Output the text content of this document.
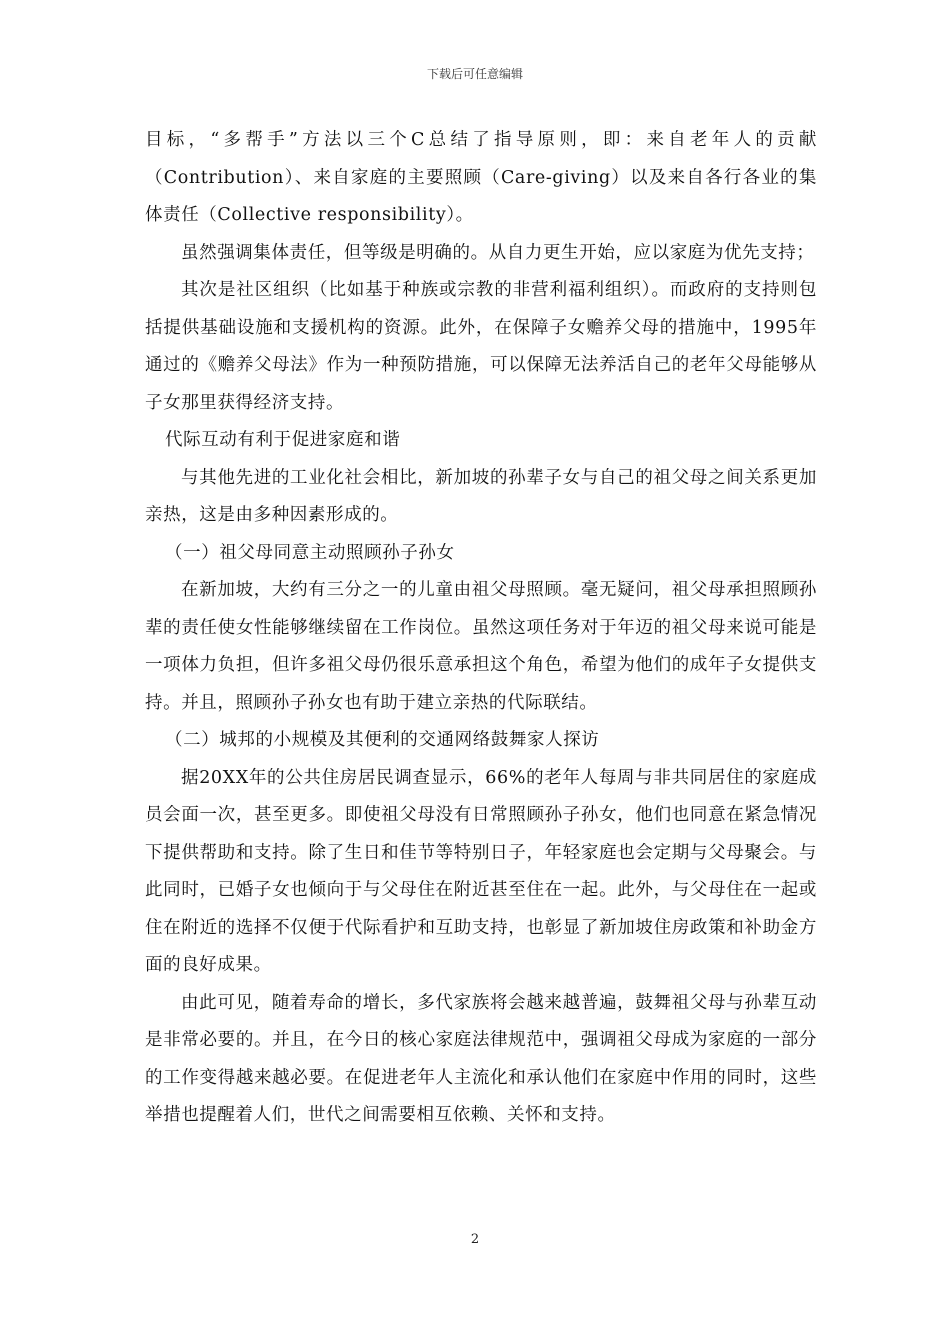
下载后可任意编辑

目标，“多帮手”方法以三个C总结了指导原则，即：来自老年人的贡献（Contribution）、来自家庭的主要照顾（Care-giving）以及来自各行各业的集体责任（Collective responsibility）。

虽然强调集体责任，但等级是明确的。从自力更生开始，应以家庭为优先支持；

其次是社区组织（比如基于种族或宗教的非营利福利组织）。而政府的支持则包括提供基础设施和支援机构的资源。此外，在保障子女赡养父母的措施中，1995年通过的《赡养父母法》作为一种预防措施，可以保障无法养活自己的老年父母能够从子女那里获得经济支持。

代际互动有利于促进家庭和谐

与其他先进的工业化社会相比，新加坡的孙辈子女与自己的祖父母之间关系更加亲热，这是由多种因素形成的。

（一）祖父母同意主动照顾孙子孙女

在新加坡，大约有三分之一的儿童由祖父母照顾。毫无疑问，祖父母承担照顾孙辈的责任使女性能够继续留在工作岗位。虽然这项任务对于年迈的祖父母来说可能是一项体力负担，但许多祖父母仍很乐意承担这个角色，希望为他们的成年子女提供支持。并且，照顾孙子孙女也有助于建立亲热的代际联结。

（二）城邦的小规模及其便利的交通网络鼓舞家人探访

据20XX年的公共住房居民调查显示，66%的老年人每周与非共同居住的家庭成员会面一次，甚至更多。即使祖父母没有日常照顾孙子孙女，他们也同意在紧急情况下提供帮助和支持。除了生日和佳节等特别日子，年轻家庭也会定期与父母聚会。与此同时，已婚子女也倾向于与父母住在附近甚至住在一起。此外，与父母住在一起或住在附近的选择不仅便于代际看护和互助支持，也彰显了新加坡住房政策和补助金方面的良好成果。

由此可见，随着寿命的增长，多代家族将会越来越普遍，鼓舞祖父母与孙辈互动是非常必要的。并且，在今日的核心家庭法律规范中，强调祖父母成为家庭的一部分的工作变得越来越必要。在促进老年人主流化和承认他们在家庭中作用的同时，这些举措也提醒着人们，世代之间需要相互依赖、关怀和支持。

2
